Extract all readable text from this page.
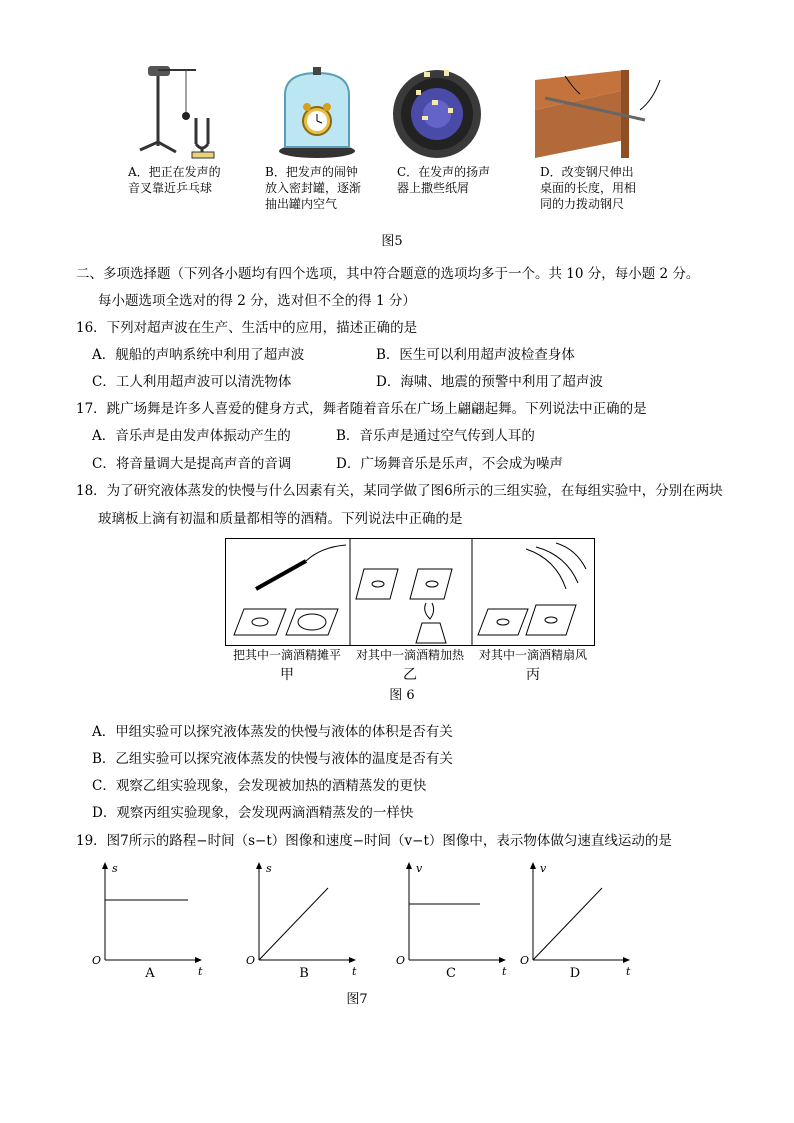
A．把正在发声的音叉靠近乒乓球
B．把发声的闹钟放入密封罐，逐渐抽出罐内空气
C．在发声的扬声器上撒些纸屑
D．改变钢尺伸出桌面的长度，用相同的力拨动钢尺
图5
二、多项选择题（下列各小题均有四个选项，其中符合题意的选项均多于一个。共 10 分，每小题 2 分。
每小题选项全选对的得 2 分，选对但不全的得 1 分）
16．下列对超声波在生产、生活中的应用，描述正确的是
A．舰船的声呐系统中利用了超声波	B．医生可以利用超声波检查身体
C．工人利用超声波可以清洗物体	D．海啸、地震的预警中利用了超声波
17．跳广场舞是许多人喜爱的健身方式，舞者随着音乐在广场上翩翩起舞。下列说法中正确的是
A．音乐声是由发声体振动产生的	B．音乐声是通过空气传到人耳的
C．将音量调大是提高声音的音调	D．广场舞音乐是乐声，不会成为噪声
18．为了研究液体蒸发的快慢与什么因素有关，某同学做了图6所示的三组实验，在每组实验中，分别在两块
玻璃板上滴有初温和质量都相等的酒精。下列说法中正确的是
把其中一滴酒精摊平	对其中一滴酒精加热	对其中一滴酒精扇风
甲	乙	丙
图 6
A．甲组实验可以探究液体蒸发的快慢与液体的体积是否有关
B．乙组实验可以探究液体蒸发的快慢与液体的温度是否有关
C．观察乙组实验现象，会发现被加热的酒精蒸发的更快
D．观察丙组实验现象，会发现两滴酒精蒸发的一样快
19．图7所示的路程−时间（s−t）图像和速度−时间（v−t）图像中，表示物体做匀速直线运动的是
s
t
O
A
s
t
O
B
v
t
O
C
v
t
O
D
图7
